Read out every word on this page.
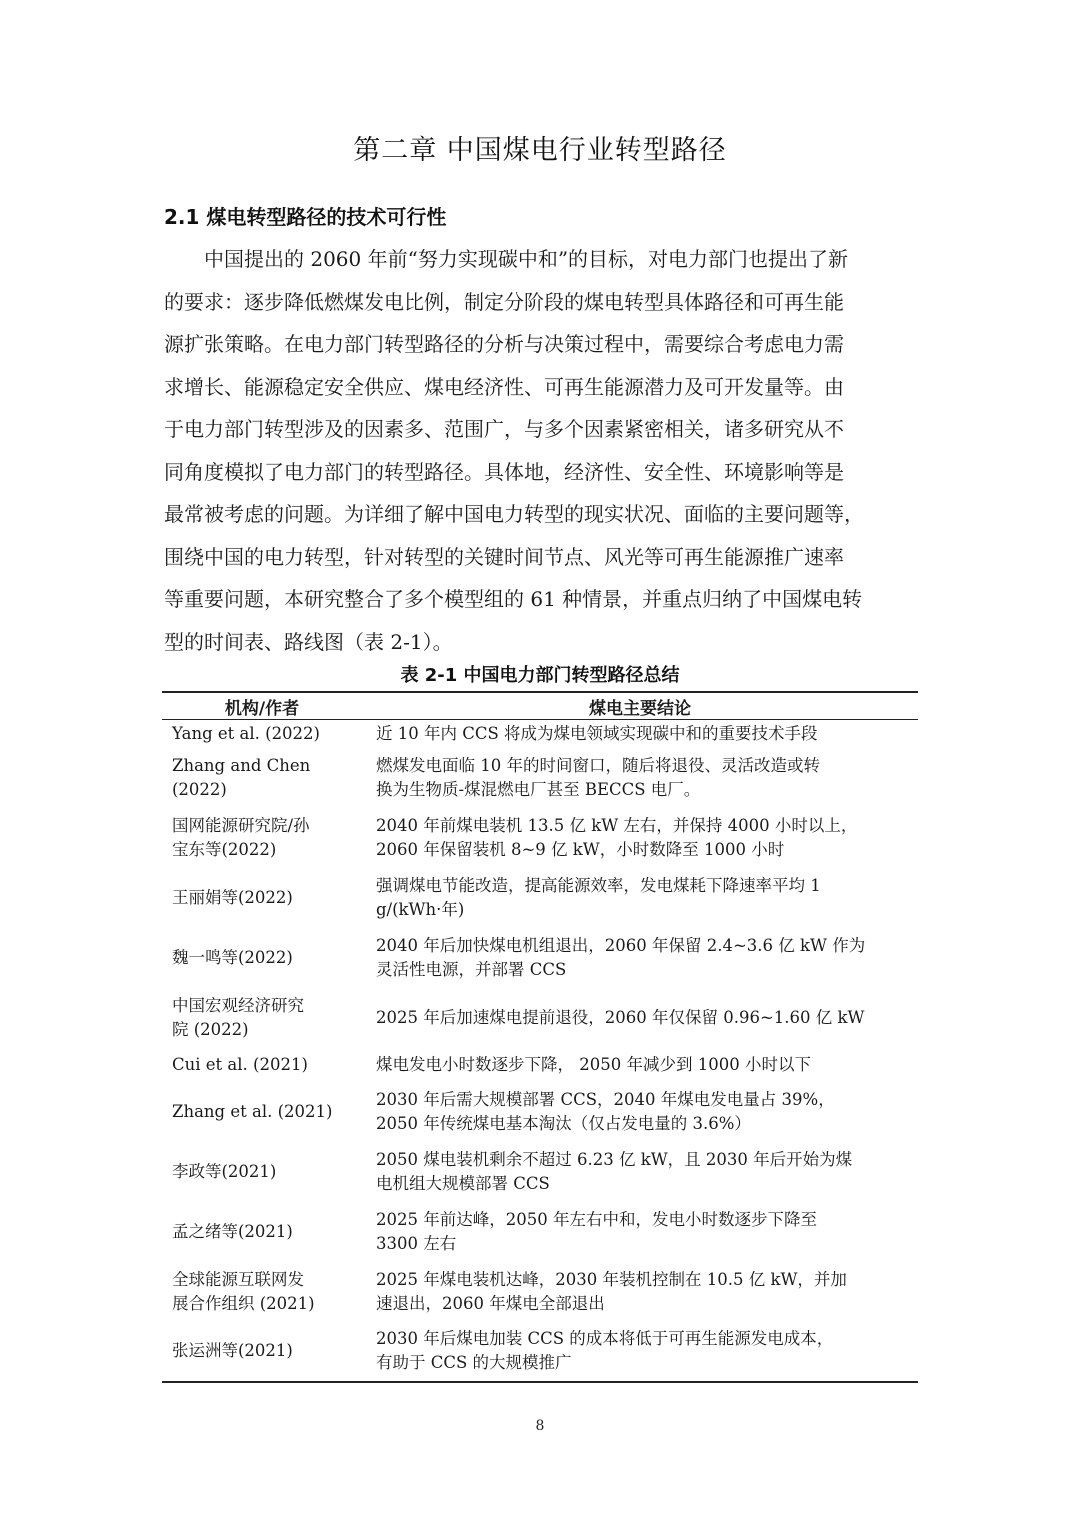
第二章 中国煤电行业转型路径
2.1 煤电转型路径的技术可行性
　　中国提出的 2060 年前“努力实现碳中和”的目标，对电力部门也提出了新
的要求：逐步降低燃煤发电比例，制定分阶段的煤电转型具体路径和可再生能
源扩张策略。在电力部门转型路径的分析与决策过程中，需要综合考虑电力需
求增长、能源稳定安全供应、煤电经济性、可再生能源潜力及可开发量等。由
于电力部门转型涉及的因素多、范围广，与多个因素紧密相关，诸多研究从不
同角度模拟了电力部门的转型路径。具体地，经济性、安全性、环境影响等是
最常被考虑的问题。为详细了解中国电力转型的现实状况、面临的主要问题等，
围绕中国的电力转型，针对转型的关键时间节点、风光等可再生能源推广速率
等重要问题，本研究整合了多个模型组的 61 种情景，并重点归纳了中国煤电转
型的时间表、路线图（表 2-1）。
表 2-1 中国电力部门转型路径总结
机构/作者	煤电主要结论

Yang et al. (2022)	近 10 年内 CCS 将成为煤电领域实现碳中和的重要技术手段

Zhang and Chen
(2022)	燃煤发电面临 10 年的时间窗口，随后将退役、灵活改造或转
换为生物质-煤混燃电厂甚至 BECCS 电厂。

国网能源研究院/孙
宝东等(2022)	2040 年前煤电装机 13.5 亿 kW 左右，并保持 4000 小时以上，
2060 年保留装机 8~9 亿 kW，小时数降至 1000 小时

王丽娟等(2022)	强调煤电节能改造，提高能源效率，发电煤耗下降速率平均 1
g/(kWh·年)

魏一鸣等(2022)	2040 年后加快煤电机组退出，2060 年保留 2.4~3.6 亿 kW 作为
灵活性电源，并部署 CCS

中国宏观经济研究
院 (2022)	2025 年后加速煤电提前退役，2060 年仅保留 0.96~1.60 亿 kW

Cui et al. (2021)	煤电发电小时数逐步下降， 2050 年减少到 1000 小时以下

Zhang et al. (2021)	2030 年后需大规模部署 CCS，2040 年煤电发电量占 39%，
2050 年传统煤电基本淘汰（仅占发电量的 3.6%）

李政等(2021)	2050 煤电装机剩余不超过 6.23 亿 kW，且 2030 年后开始为煤
电机组大规模部署 CCS

孟之绪等(2021)	2025 年前达峰，2050 年左右中和，发电小时数逐步下降至
3300 左右

全球能源互联网发
展合作组织 (2021)	2025 年煤电装机达峰，2030 年装机控制在 10.5 亿 kW，并加
速退出，2060 年煤电全部退出

张运洲等(2021)	2030 年后煤电加装 CCS 的成本将低于可再生能源发电成本，
有助于 CCS 的大规模推广
8
